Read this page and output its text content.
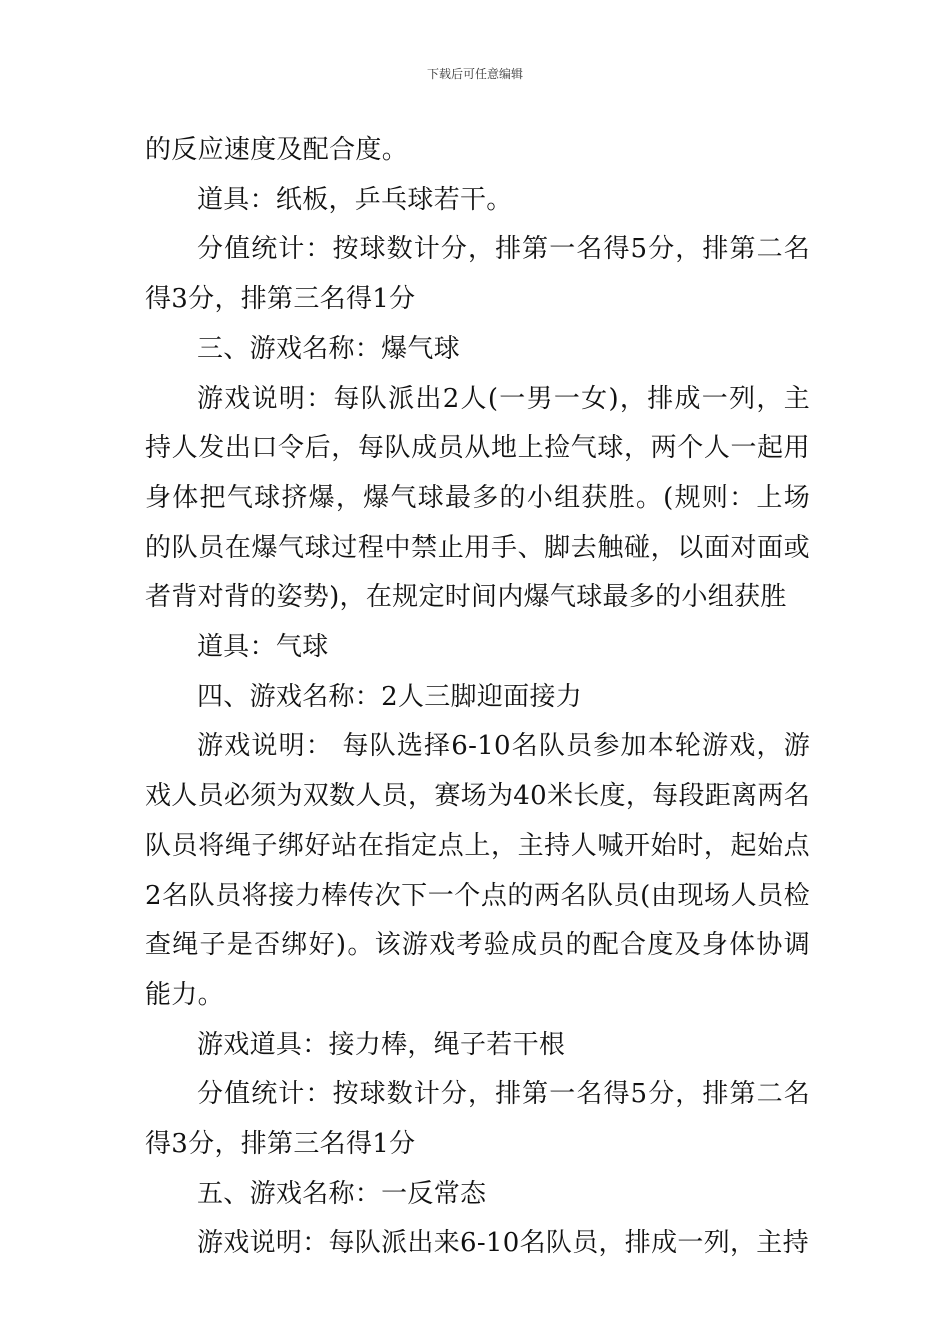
下载后可任意编辑

的反应速度及配合度。

道具：纸板，乒乓球若干。

分值统计：按球数计分，排第一名得5分，排第二名得3分，排第三名得1分

三、游戏名称：爆气球

游戏说明：每队派出2人(一男一女)，排成一列，主持人发出口令后，每队成员从地上捡气球，两个人一起用身体把气球挤爆，爆气球最多的小组获胜。(规则：上场的队员在爆气球过程中禁止用手、脚去触碰，以面对面或者背对背的姿势)，在规定时间内爆气球最多的小组获胜

道具：气球

四、游戏名称：2人三脚迎面接力

游戏说明： 每队选择6-10名队员参加本轮游戏，游戏人员必须为双数人员，赛场为40米长度，每段距离两名队员将绳子绑好站在指定点上，主持人喊开始时，起始点2名队员将接力棒传次下一个点的两名队员(由现场人员检查绳子是否绑好)。该游戏考验成员的配合度及身体协调能力。

游戏道具：接力棒，绳子若干根

分值统计：按球数计分，排第一名得5分，排第二名得3分，排第三名得1分

五、游戏名称：一反常态

游戏说明：每队派出来6-10名队员，排成一列，主持
